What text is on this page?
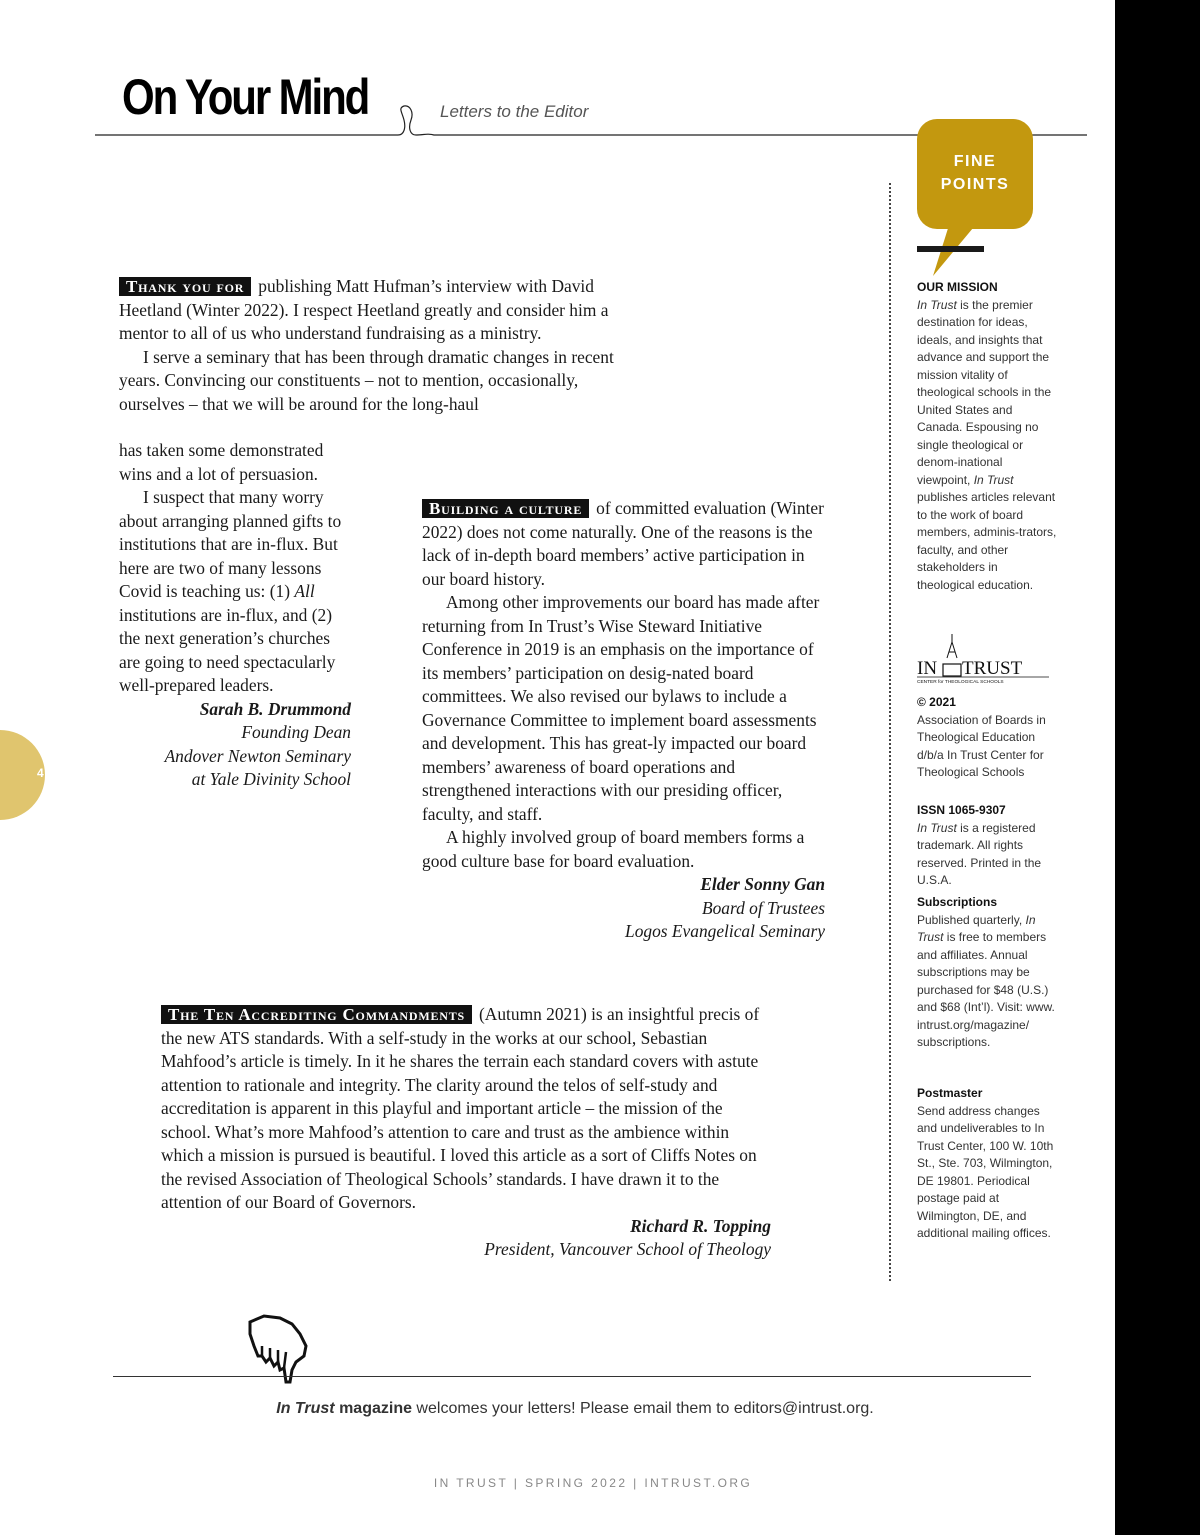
On Your Mind	Letters to the Editor
FINE
POINTS
OUR MISSION
In Trust is the premier destination for ideas, ideals, and insights that advance and support the mission vitality of theological schools in the United States and Canada. Espousing no single theological or denom-inational viewpoint, In Trust publishes articles relevant to the work of board members, adminis-trators, faculty, and other stakeholders in theological education.
IN TRUST
CENTER for THEOLOGICAL SCHOOLS
© 2021
Association of Boards in Theological Education d/b/a In Trust Center for Theological Schools
ISSN 1065-9307
In Trust is a registered trademark. All rights reserved. Printed in the U.S.A.
Subscriptions
Published quarterly, In Trust is free to members and affiliates. Annual subscriptions may be purchased for $48 (U.S.) and $68 (Int’l). Visit: www. intrust.org/magazine/ subscriptions.
Postmaster
Send address changes and undeliverables to In Trust Center, 100 W. 10th St., Ste. 703, Wilmington, DE 19801. Periodical postage paid at Wilmington, DE, and additional mailing offices.
4

Thank you for publishing Matt Hufman’s interview with David Heetland (Winter 2022). I respect Heetland greatly and consider him a mentor to all of us who understand fundraising as a ministry.

I serve a seminary that has been through dramatic changes in recent years. Convincing our constituents – not to mention, occasionally, ourselves – that we will be around for the long-haul

has taken some demonstrated wins and a lot of persuasion.

I suspect that many worry about arranging planned gifts to institutions that are in-flux. But here are two of many lessons Covid is teaching us: (1) All institutions are in-flux, and (2) the next generation’s churches are going to need spectacularly well-prepared leaders.

Sarah B. Drummond
Founding Dean
Andover Newton Seminary
at Yale Divinity School

Building a culture of committed evaluation (Winter 2022) does not come naturally. One of the reasons is the lack of in-depth board members’ active participation in our board history.

Among other improvements our board has made after returning from In Trust’s Wise Steward Initiative Conference in 2019 is an emphasis on the importance of its members’ participation on desig-nated board committees. We also revised our bylaws to include a Governance Committee to implement board assessments and development. This has great-ly impacted our board members’ awareness of board operations and strengthened interactions with our presiding officer, faculty, and staff.

A highly involved group of board members forms a good culture base for board evaluation.

Elder Sonny Gan
Board of Trustees
Logos Evangelical Seminary

The Ten Accrediting Commandments (Autumn 2021) is an insightful precis of the new ATS standards. With a self-study in the works at our school, Sebastian Mahfood’s article is timely. In it he shares the terrain each standard covers with astute attention to rationale and integrity. The clarity around the telos of self-study and accreditation is apparent in this playful and important article – the mission of the school. What’s more Mahfood’s attention to care and trust as the ambience within which a mission is pursued is beautiful. I loved this article as a sort of Cliffs Notes on the revised Association of Theological Schools’ standards. I have drawn it to the attention of our Board of Governors.

Richard R. Topping
President, Vancouver School of Theology
In Trust magazine welcomes your letters! Please email them to editors@intrust.org.
IN TRUST | SPRING 2022 | INTRUST.ORG
